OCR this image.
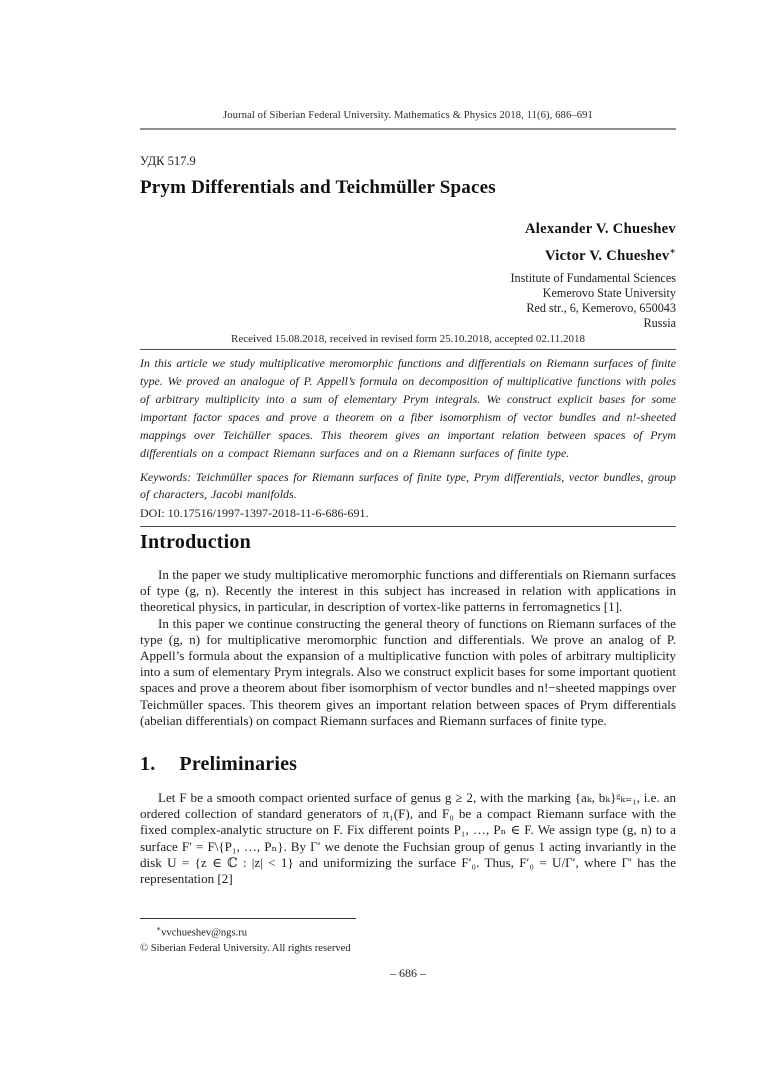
Journal of Siberian Federal University. Mathematics & Physics 2018, 11(6), 686–691
УДК 517.9
Prym Differentials and Teichmüller Spaces
Alexander V. Chueshev
Victor V. Chueshev∗
Institute of Fundamental Sciences
Kemerovo State University
Red str., 6, Kemerovo, 650043
Russia
Received 15.08.2018, received in revised form 25.10.2018, accepted 02.11.2018

In this article we study multiplicative meromorphic functions and differentials on Riemann surfaces of finite type. We proved an analogue of P. Appell’s formula on decomposition of multiplicative functions with poles of arbitrary multiplicity into a sum of elementary Prym integrals. We construct explicit bases for some important factor spaces and prove a theorem on a fiber isomorphism of vector bundles and n!-sheeted mappings over Teichüller spaces. This theorem gives an important relation between spaces of Prym differentials on a compact Riemann surfaces and on a Riemann surfaces of finite type.

Keywords: Teichmüller spaces for Riemann surfaces of finite type, Prym differentials, vector bundles, group of characters, Jacobi manifolds.

DOI: 10.17516/1997-1397-2018-11-6-686-691.

Introduction

In the paper we study multiplicative meromorphic functions and differentials on Riemann surfaces of type (g, n). Recently the interest in this subject has increased in relation with applications in theoretical physics, in particular, in description of vortex-like patterns in ferromagnetics [1].

In this paper we continue constructing the general theory of functions on Riemann surfaces of the type (g, n) for multiplicative meromorphic function and differentials. We prove an analog of P. Appell’s formula about the expansion of a multiplicative function with poles of arbitrary multiplicity into a sum of elementary Prym integrals. Also we construct explicit bases for some important quotient spaces and prove a theorem about fiber isomorphism of vector bundles and n!−sheeted mappings over Teichmüller spaces. This theorem gives an important relation between spaces of Prym differentials (abelian differentials) on compact Riemann surfaces and Riemann surfaces of finite type.

1. Preliminaries

Let F be a smooth compact oriented surface of genus g ≥ 2, with the marking {aₖ, bₖ}ᵍₖ₌₁, i.e. an ordered collection of standard generators of π₁(F), and F₀ be a compact Riemann surface with the fixed complex-analytic structure on F. Fix different points P₁, …, Pₙ ∈ F. We assign type (g, n) to a surface F′ = F\{P₁, …, Pₙ}. By Γ′ we denote the Fuchsian group of genus 1 acting invariantly in the disk U = {z ∈ ℂ : |z| < 1} and uniformizing the surface F′₀. Thus, F′₀ = U/Γ′, where Γ′ has the representation [2]

∗vvchueshev@ngs.ru
© Siberian Federal University. All rights reserved
– 686 –
